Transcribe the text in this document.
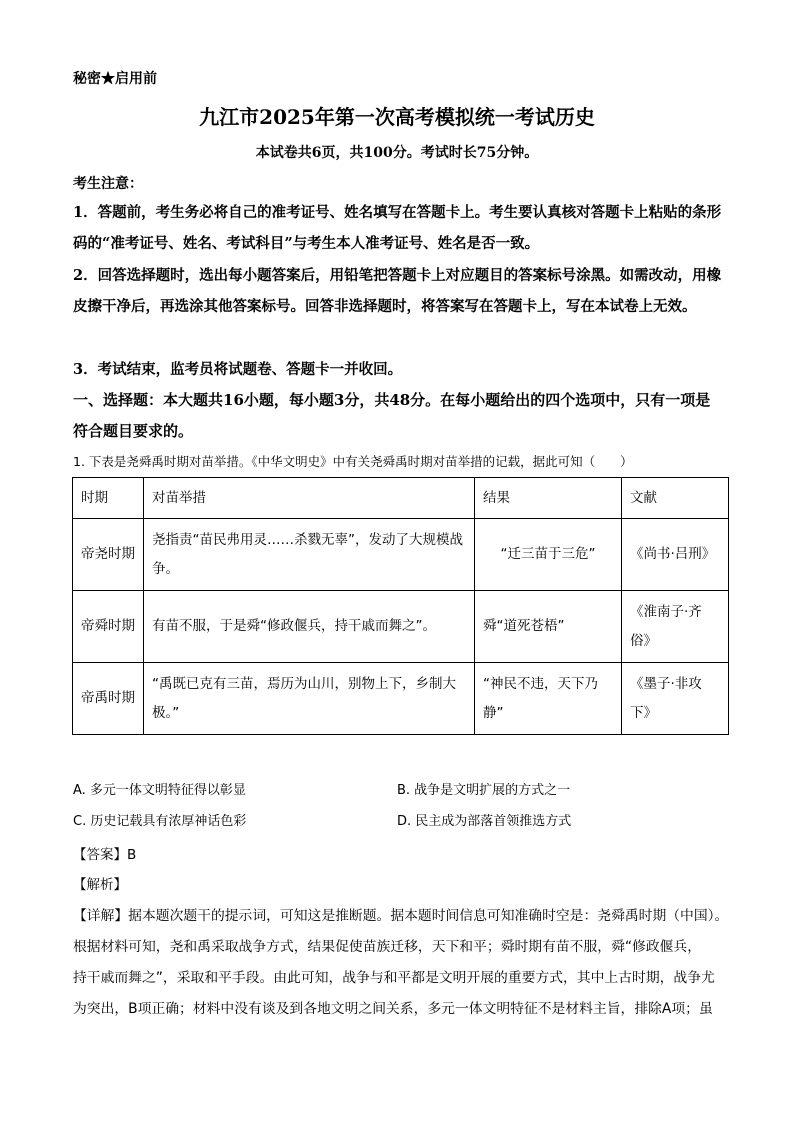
秘密★启用前
九江市2025年第一次高考模拟统一考试历史
本试卷共6页，共100分。考试时长75分钟。
考生注意：
1．答题前，考生务必将自己的准考证号、姓名填写在答题卡上。考生要认真核对答题卡上粘贴的条形码的“准考证号、姓名、考试科目”与考生本人准考证号、姓名是否一致。
2．回答选择题时，选出每小题答案后，用铅笔把答题卡上对应题目的答案标号涂黑。如需改动，用橡皮擦干净后，再选涂其他答案标号。回答非选择题时，将答案写在答题卡上，写在本试卷上无效。
3．考试结束，监考员将试题卷、答题卡一并收回。
一、选择题：本大题共16小题，每小题3分，共48分。在每小题给出的四个选项中，只有一项是符合题目要求的。
1. 下表是尧舜禹时期对苗举措。《中华文明史》中有关尧舜禹时期对苗举措的记载，据此可知（　　）
时期	对苗举措	结果	文献
帝尧时期	尧指责“苗民弗用灵……杀戮无辜”，发动了大规模战争。	“迁三苗于三危”	《尚书·吕刑》
帝舜时期	有苗不服，于是舜“修政偃兵，持干戚而舞之”。	舜“道死苍梧”	《淮南子·齐俗》
帝禹时期	“禹既已克有三苗，焉历为山川，别物上下，乡制大极。”	“神民不违，天下乃静”	《墨子·非攻下》
A. 多元一体文明特征得以彰显	B. 战争是文明扩展的方式之一
C. 历史记载具有浓厚神话色彩	D. 民主成为部落首领推选方式
【答案】B
【解析】
【详解】据本题次题干的提示词，可知这是推断题。据本题时间信息可知准确时空是：尧舜禹时期（中国）。
根据材料可知，尧和禹采取战争方式，结果促使苗族迁移，天下和平；舜时期有苗不服，舜“修政偃兵，
持干戚而舞之”，采取和平手段。由此可知，战争与和平都是文明开展的重要方式，其中上古时期，战争尤
为突出，B项正确；材料中没有谈及到各地文明之间关系，多元一体文明特征不是材料主旨，排除A项；虽
